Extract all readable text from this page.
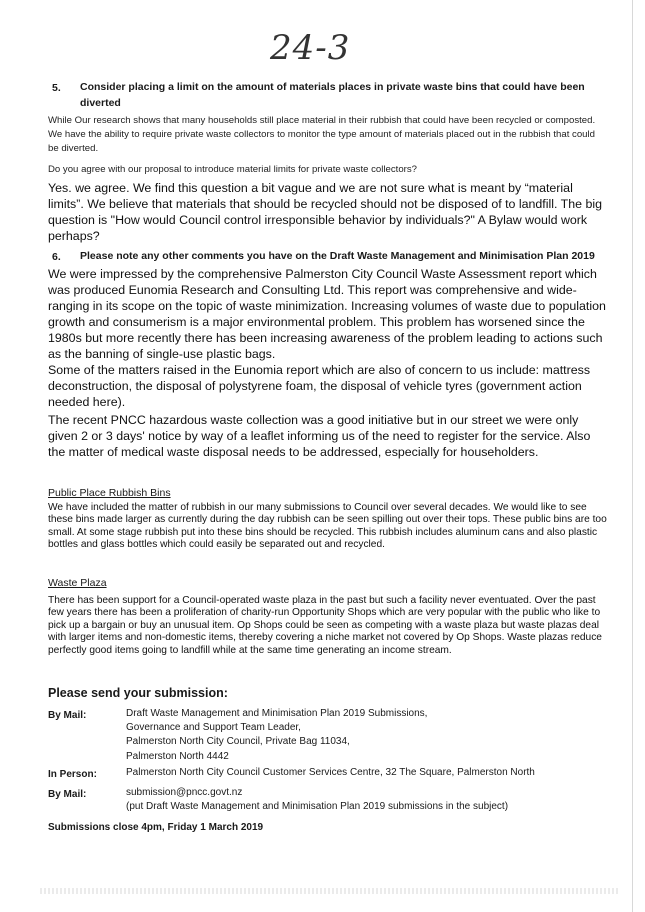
24-3
5. Consider placing a limit on the amount of materials places in private waste bins that could have been diverted
While Our research shows that many households still place material in their rubbish that could have been recycled or composted. We have the ability to require private waste collectors to monitor the type amount of materials placed out in the rubbish that could be diverted.
Do you agree with our proposal to introduce material limits for private waste collectors?
Yes. we agree. We find this question a bit vague and we are not sure what is meant by “material limits”. We believe that materials that should be recycled should not be disposed of to landfill. The big question is "How would Council control irresponsible behavior by individuals?" A Bylaw would work perhaps?
6. Please note any other comments you have on the Draft Waste Management and Minimisation Plan 2019
We were impressed by the comprehensive Palmerston City Council Waste Assessment report which was produced Eunomia Research and Consulting Ltd. This report was comprehensive and wide-ranging in its scope on the topic of waste minimization. Increasing volumes of waste due to population growth and consumerism is a major environmental problem. This problem has worsened since the 1980s but more recently there has been increasing awareness of the problem leading to actions such as the banning of single-use plastic bags.
Some of the matters raised in the Eunomia report which are also of concern to us include: mattress deconstruction, the disposal of polystyrene foam, the disposal of vehicle tyres (government action needed here).
The recent PNCC hazardous waste collection was a good initiative but in our street we were only given 2 or 3 days' notice by way of a leaflet informing us of the need to register for the service. Also the matter of medical waste disposal needs to be addressed, especially for householders.
Public Place Rubbish Bins
We have included the matter of rubbish in our many submissions to Council over several decades. We would like to see these bins made larger as currently during the day rubbish can be seen spilling out over their tops. These public bins are too small. At some stage rubbish put into these bins should be recycled. This rubbish includes aluminum cans and also plastic bottles and glass bottles which could easily be separated out and recycled.
Waste Plaza
There has been support for a Council-operated waste plaza in the past but such a facility never eventuated. Over the past few years there has been a proliferation of charity-run Opportunity Shops which are very popular with the public who like to pick up a bargain or buy an unusual item. Op Shops could be seen as competing with a waste plaza but waste plazas deal with larger items and non-domestic items, thereby covering a niche market not covered by Op Shops. Waste plazas reduce perfectly good items going to landfill while at the same time generating an income stream.
Please send your submission:
By Mail:	Draft Waste Management and Minimisation Plan 2019 Submissions,
Governance and Support Team Leader,
Palmerston North City Council, Private Bag 11034,
Palmerston North 4442
In Person:	Palmerston North City Council Customer Services Centre, 32 The Square, Palmerston North
By Mail:	submission@pncc.govt.nz
(put Draft Waste Management and Minimisation Plan 2019 submissions in the subject)
Submissions close 4pm, Friday 1 March 2019
